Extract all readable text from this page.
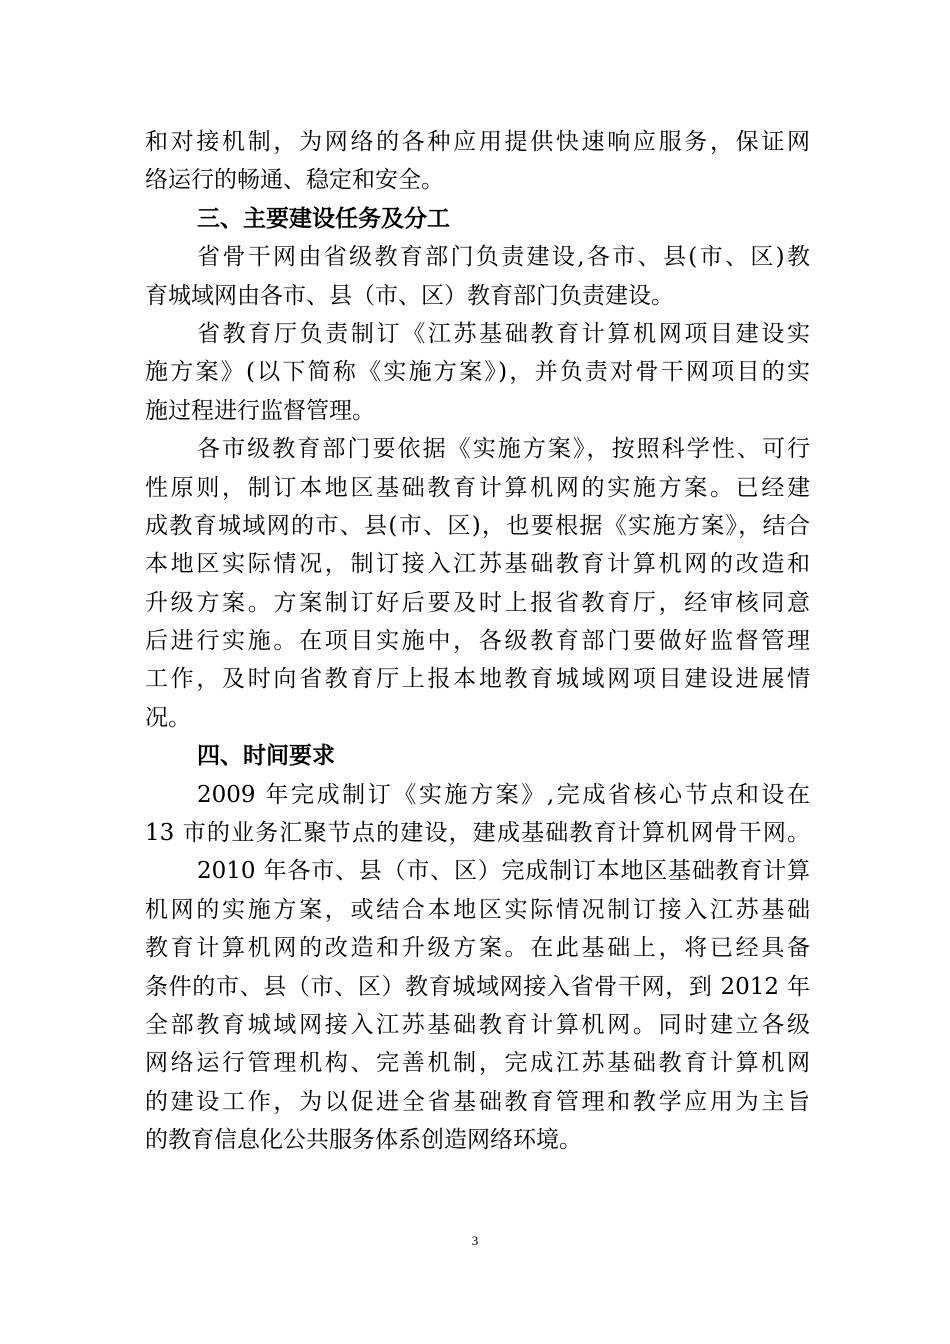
和对接机制，为网络的各种应用提供快速响应服务，保证网
络运行的畅通、稳定和安全。
三、主要建设任务及分工
省骨干网由省级教育部门负责建设,各市、县(市、区)教
育城域网由各市、县（市、区）教育部门负责建设。
省教育厅负责制订《江苏基础教育计算机网项目建设实
施方案》(以下简称《实施方案》)，并负责对骨干网项目的实
施过程进行监督管理。
各市级教育部门要依据《实施方案》，按照科学性、可行
性原则，制订本地区基础教育计算机网的实施方案。已经建
成教育城域网的市、县(市、区)，也要根据《实施方案》，结合
本地区实际情况，制订接入江苏基础教育计算机网的改造和
升级方案。方案制订好后要及时上报省教育厅，经审核同意
后进行实施。在项目实施中，各级教育部门要做好监督管理
工作，及时向省教育厅上报本地教育城域网项目建设进展情
况。
四、时间要求
2009 年完成制订《实施方案》,完成省核心节点和设在
13 市的业务汇聚节点的建设，建成基础教育计算机网骨干网。
2010 年各市、县（市、区）完成制订本地区基础教育计算
机网的实施方案，或结合本地区实际情况制订接入江苏基础
教育计算机网的改造和升级方案。在此基础上，将已经具备
条件的市、县（市、区）教育城域网接入省骨干网，到 2012 年
全部教育城域网接入江苏基础教育计算机网。同时建立各级
网络运行管理机构、完善机制，完成江苏基础教育计算机网
的建设工作，为以促进全省基础教育管理和教学应用为主旨
的教育信息化公共服务体系创造网络环境。
3
